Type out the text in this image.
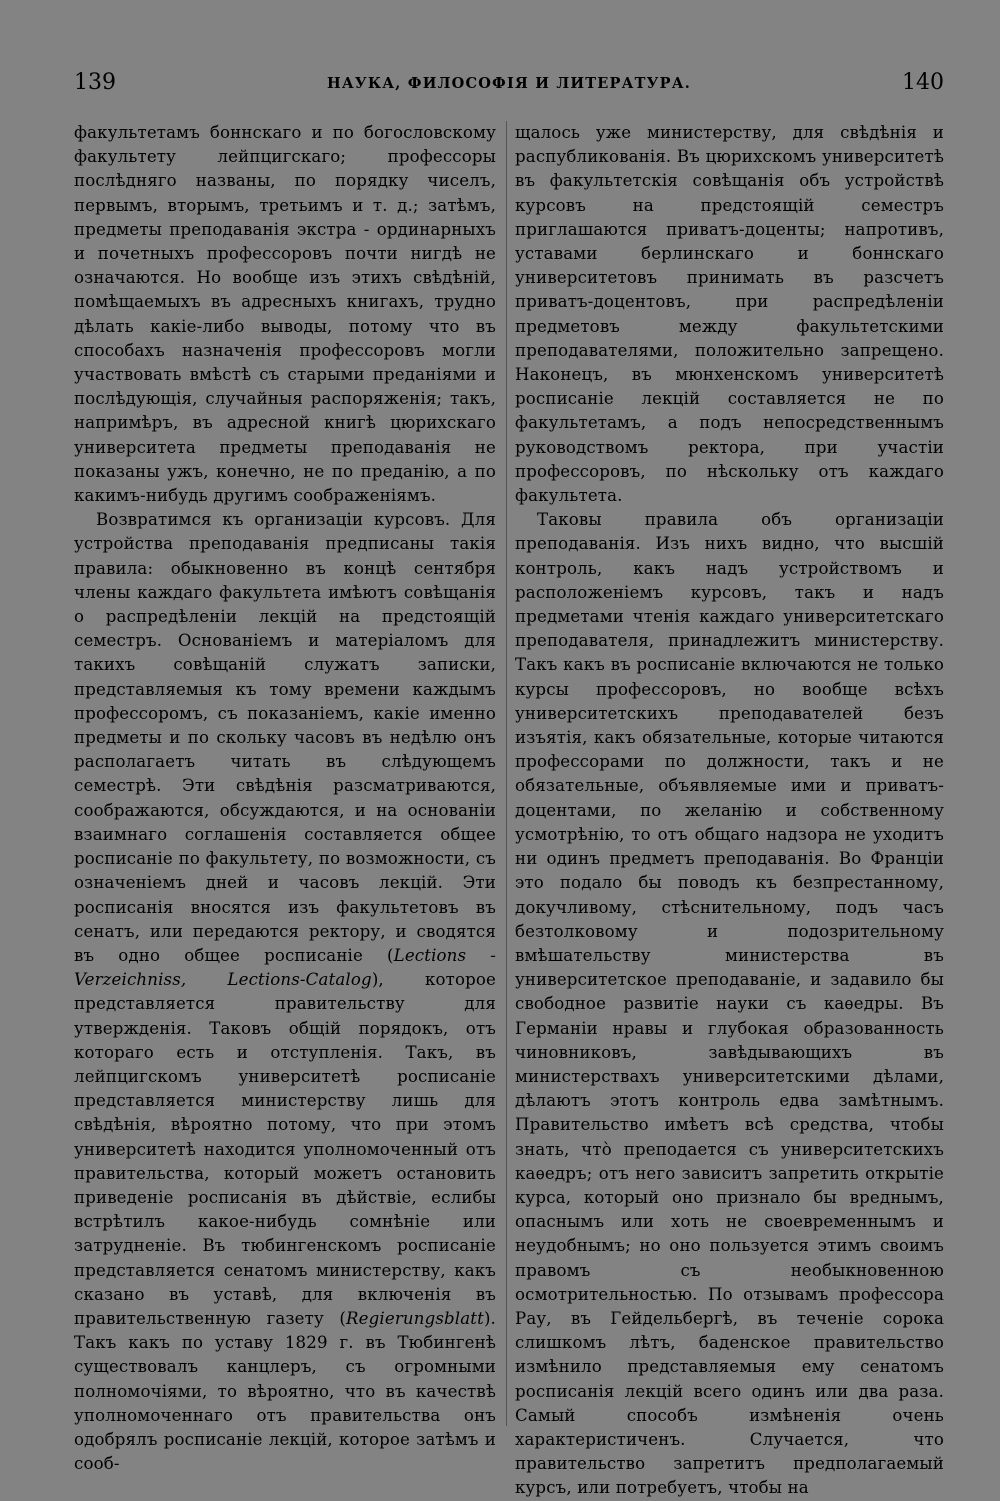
139	НАУКА, ФИЛОСОФІЯ И ЛИТЕРАТУРА.	140

факультетамъ боннскаго и по богословскому факультету лейпцигскаго; профессоры послѣдняго названы, по порядку чиселъ, первымъ, вторымъ, третьимъ и т. д.; затѣмъ, предметы преподаванія экстра - ординарныхъ и почетныхъ профессоровъ почти нигдѣ не означаются. Но вообще изъ этихъ свѣдѣній, помѣщаемыхъ въ адресныхъ книгахъ, трудно дѣлать какіе-либо выводы, потому что въ способахъ назначенія профессоровъ могли участвовать вмѣстѣ съ старыми преданіями и послѣдующія, случайныя распоряженія; такъ, напримѣръ, въ адресной книгѣ цюрихскаго университета предметы преподаванія не показаны ужъ, конечно, не по преданію, а по какимъ-нибудь другимъ соображеніямъ.

Возвратимся къ организаціи курсовъ. Для устройства преподаванія предписаны такія правила: обыкновенно въ концѣ сентября члены каждаго факультета имѣютъ совѣщанія о распредѣленіи лекцій на предстоящій семестръ. Основаніемъ и матеріаломъ для такихъ совѣщаній служатъ записки, представляемыя къ тому времени каждымъ профессоромъ, съ показаніемъ, какіе именно предметы и по скольку часовъ въ недѣлю онъ располагаетъ читать въ слѣдующемъ семестрѣ. Эти свѣдѣнія разсматриваются, соображаются, обсуждаются, и на основаніи взаимнаго соглашенія составляется общее росписаніе по факультету, по возможности, съ означеніемъ дней и часовъ лекцій. Эти росписанія вносятся изъ факультетовъ въ сенатъ, или передаются ректору, и сводятся въ одно общее росписаніе (Lections - Verzeichniss, Lections-Catalog), которое представляется правительству для утвержденія. Таковъ общій порядокъ, отъ котораго есть и отступленія. Такъ, въ лейпцигскомъ университетѣ росписаніе представляется министерству лишь для свѣдѣнія, вѣроятно потому, что при этомъ университетѣ находится уполномоченный отъ правительства, который можетъ остановить приведеніе росписанія въ дѣйствіе, еслибы встрѣтилъ какое-нибудь сомнѣніе или затрудненіе. Въ тюбингенскомъ росписаніе представляется сенатомъ министерству, какъ сказано въ уставѣ, для включенія въ правительственную газету (Regierungsblatt). Такъ какъ по уставу 1829 г. въ Тюбингенѣ существовалъ канцлеръ, съ огромными полномочіями, то вѣроятно, что въ качествѣ уполномоченнаго отъ правительства онъ одобрялъ росписаніе лекцій, которое затѣмъ и сооб-

щалось уже министерству, для свѣдѣнія и распубликованія. Въ цюрихскомъ университетѣ въ факультетскія совѣщанія объ устройствѣ курсовъ на предстоящій семестръ приглашаются приватъ-доценты; напротивъ, уставами берлинскаго и боннскаго университетовъ принимать въ разсчетъ приватъ-доцентовъ, при распредѣленіи предметовъ между факультетскими преподавателями, положительно запрещено. Наконецъ, въ мюнхенскомъ университетѣ росписаніе лекцій составляется не по факультетамъ, а подъ непосредственнымъ руководствомъ ректора, при участіи профессоровъ, по нѣскольку отъ каждаго факультета.

Таковы правила объ организаціи преподаванія. Изъ нихъ видно, что высшій контроль, какъ надъ устройствомъ и расположеніемъ курсовъ, такъ и надъ предметами чтенія каждаго университетскаго преподавателя, принадлежитъ министерству. Такъ какъ въ росписаніе включаются не только курсы профессоровъ, но вообще всѣхъ университетскихъ преподавателей безъ изъятія, какъ обязательные, которые читаются профессорами по должности, такъ и не обязательные, объявляемые ими и приватъ-доцентами, по желанію и собственному усмотрѣнію, то отъ общаго надзора не уходитъ ни одинъ предметъ преподаванія. Во Франціи это подало бы поводъ къ безпрестанному, докучливому, стѣснительному, подъ часъ безтолковому и подозрительному вмѣшательству министерства въ университетское преподаваніе, и задавило бы свободное развитіе науки съ каѳедры. Въ Германіи нравы и глубокая образованность чиновниковъ, завѣдывающихъ въ министерствахъ университетскими дѣлами, дѣлаютъ этотъ контроль едва замѣтнымъ. Правительство имѣетъ всѣ средства, чтобы знать, что̀ преподается съ университетскихъ каѳедръ; отъ него зависитъ запретить открытіе курса, который оно признало бы вреднымъ, опаснымъ или хоть не своевременнымъ и неудобнымъ; но оно пользуется этимъ своимъ правомъ съ необыкновенною осмотрительностью. По отзывамъ профессора Рау, въ Гейдельбергѣ, въ теченіе сорока слишкомъ лѣтъ, баденское правительство измѣнило представляемыя ему сенатомъ росписанія лекцій всего одинъ или два раза. Самый способъ измѣненія очень характеристиченъ. Случается, что правительство запретитъ предполагаемый курсъ, или потребуетъ, чтобы на
